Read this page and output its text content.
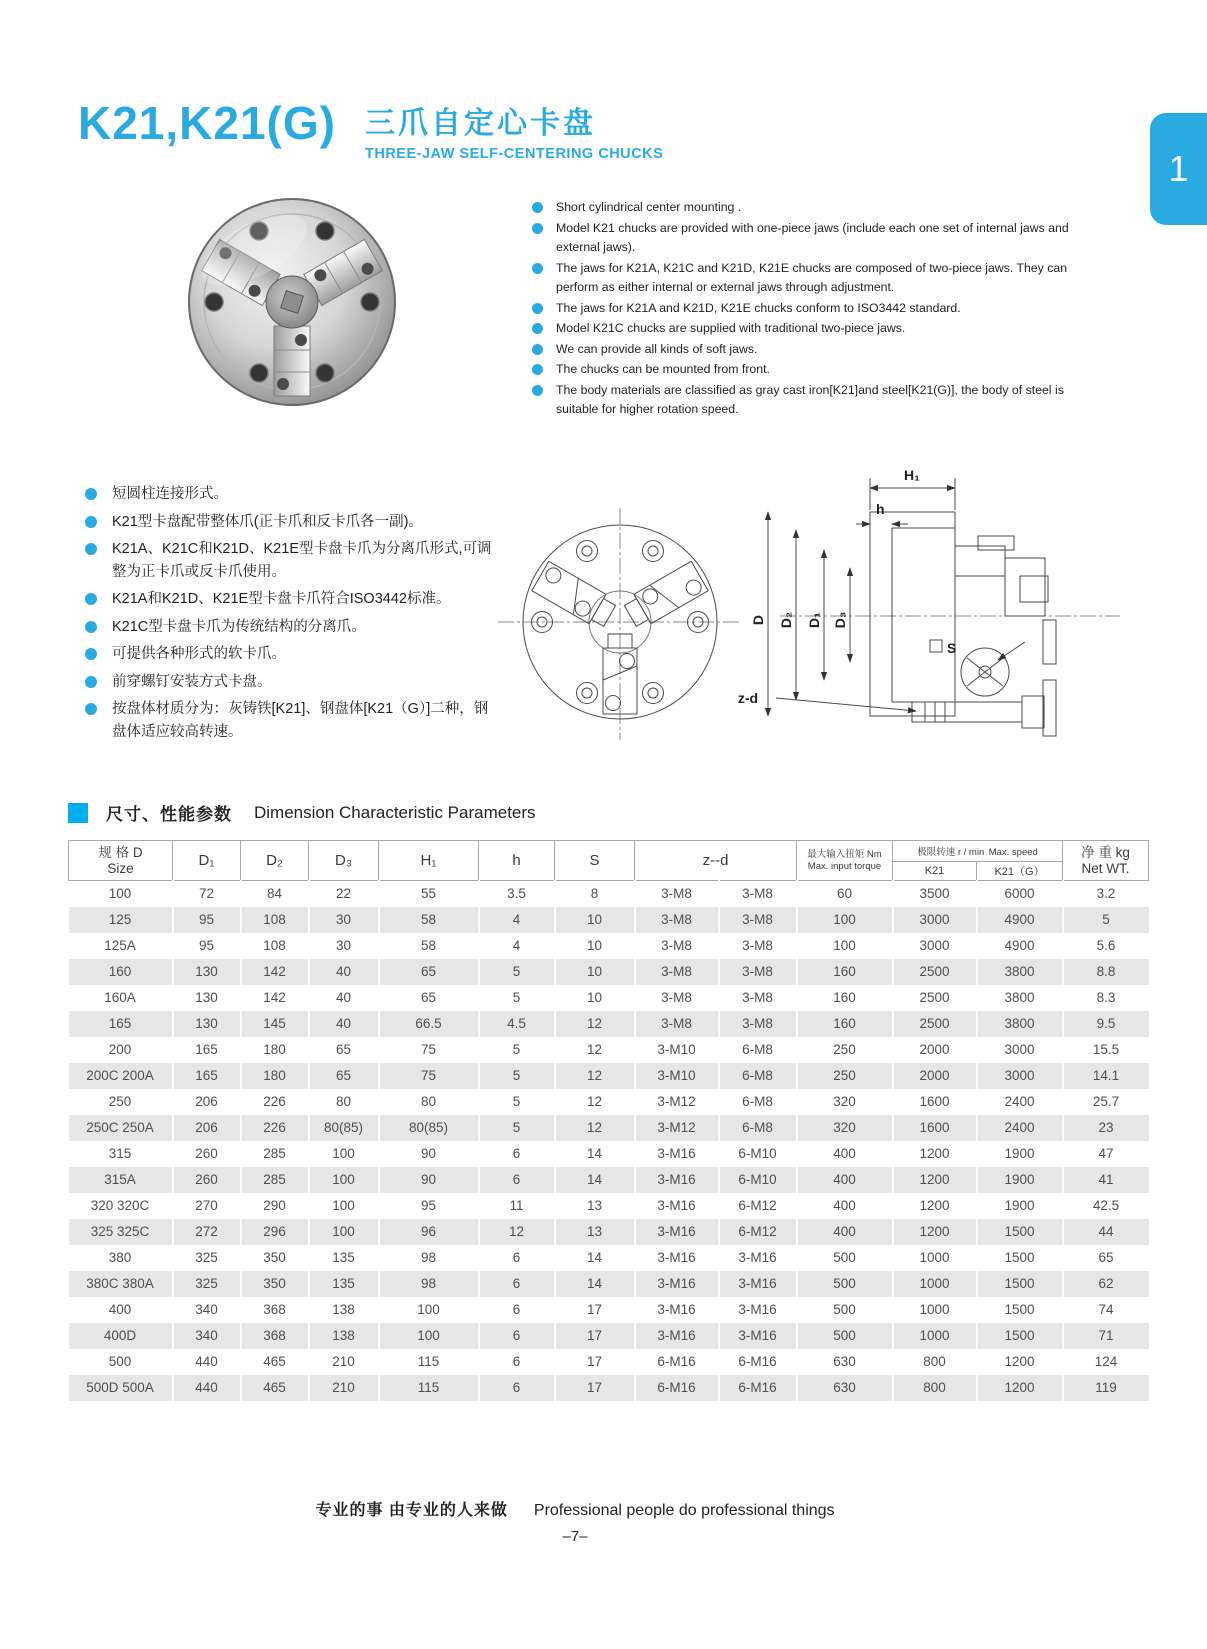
K21,K21(G) 三爪自定心卡盘
THREE-JAW SELF-CENTERING CHUCKS	1
Short cylindrical center mounting .
Model K21 chucks are provided with one-piece jaws (include each one set of internal jaws and external jaws).
The jaws for K21A, K21C and K21D, K21E chucks are composed of two-piece jaws. They can perform as either internal or external jaws through adjustment.
The jaws for K21A and K21D, K21E chucks conform to ISO3442 standard.
Model K21C chucks are supplied with traditional two-piece jaws.
We can provide all kinds of soft jaws.
The chucks can be mounted from front.
The body materials are classified as gray cast iron[K21]and steel[K21(G)], the body of steel is suitable for higher rotation speed.
短圆柱连接形式。
K21型卡盘配带整体爪(正卡爪和反卡爪各一副)。
K21A、K21C和K21D、K21E型卡盘卡爪为分离爪形式,可调整为正卡爪或反卡爪使用。
K21A和K21D、K21E型卡盘卡爪符合ISO3442标准。
K21C型卡盘卡爪为传统结构的分离爪。
可提供各种形式的软卡爪。
前穿螺钉安装方式卡盘。
按盘体材质分为：灰铸铁[K21]、钢盘体[K21（G）]二种，钢盘体适应较高转速。
H₁
h
D D₂ D₁ D₃
S
z-d
尺寸、性能参数 Dimension Characteristic Parameters
规 格 D
Size	D₁	D₂	D₃	H₁	h	S	z--d	最大输入扭矩 Nm
Max. input torque
	极限转速 r / min Max. speed	净 重 kg
Net WT.

										K21	K21（G）	
100	72	84	22	55	3.5	8	3-M8	3-M8	60	3500	6000	3.2
125	95	108	30	58	4	10	3-M8	3-M8	100	3000	4900	5
125A	95	108	30	58	4	10	3-M8	3-M8	100	3000	4900	5.6
160	130	142	40	65	5	10	3-M8	3-M8	160	2500	3800	8.8
160A	130	142	40	65	5	10	3-M8	3-M8	160	2500	3800	8.3
165	130	145	40	66.5	4.5	12	3-M8	3-M8	160	2500	3800	9.5
200	165	180	65	75	5	12	3-M10	6-M8	250	2000	3000	15.5
200C 200A	165	180	65	75	5	12	3-M10	6-M8	250	2000	3000	14.1
250	206	226	80	80	5	12	3-M12	6-M8	320	1600	2400	25.7
250C 250A	206	226	80(85)	80(85)	5	12	3-M12	6-M8	320	1600	2400	23
315	260	285	100	90	6	14	3-M16	6-M10	400	1200	1900	47
315A	260	285	100	90	6	14	3-M16	6-M10	400	1200	1900	41
320 320C	270	290	100	95	11	13	3-M16	6-M12	400	1200	1900	42.5
325 325C	272	296	100	96	12	13	3-M16	6-M12	400	1200	1500	44
380	325	350	135	98	6	14	3-M16	3-M16	500	1000	1500	65
380C 380A	325	350	135	98	6	14	3-M16	3-M16	500	1000	1500	62
400	340	368	138	100	6	17	3-M16	3-M16	500	1000	1500	74
400D	340	368	138	100	6	17	3-M16	3-M16	500	1000	1500	71
500	440	465	210	115	6	17	6-M16	6-M16	630	800	1200	124
500D 500A	440	465	210	115	6	17	6-M16	6-M16	630	800	1200	119
专业的事 由专业的人来做 Professional people do professional things
–7–
